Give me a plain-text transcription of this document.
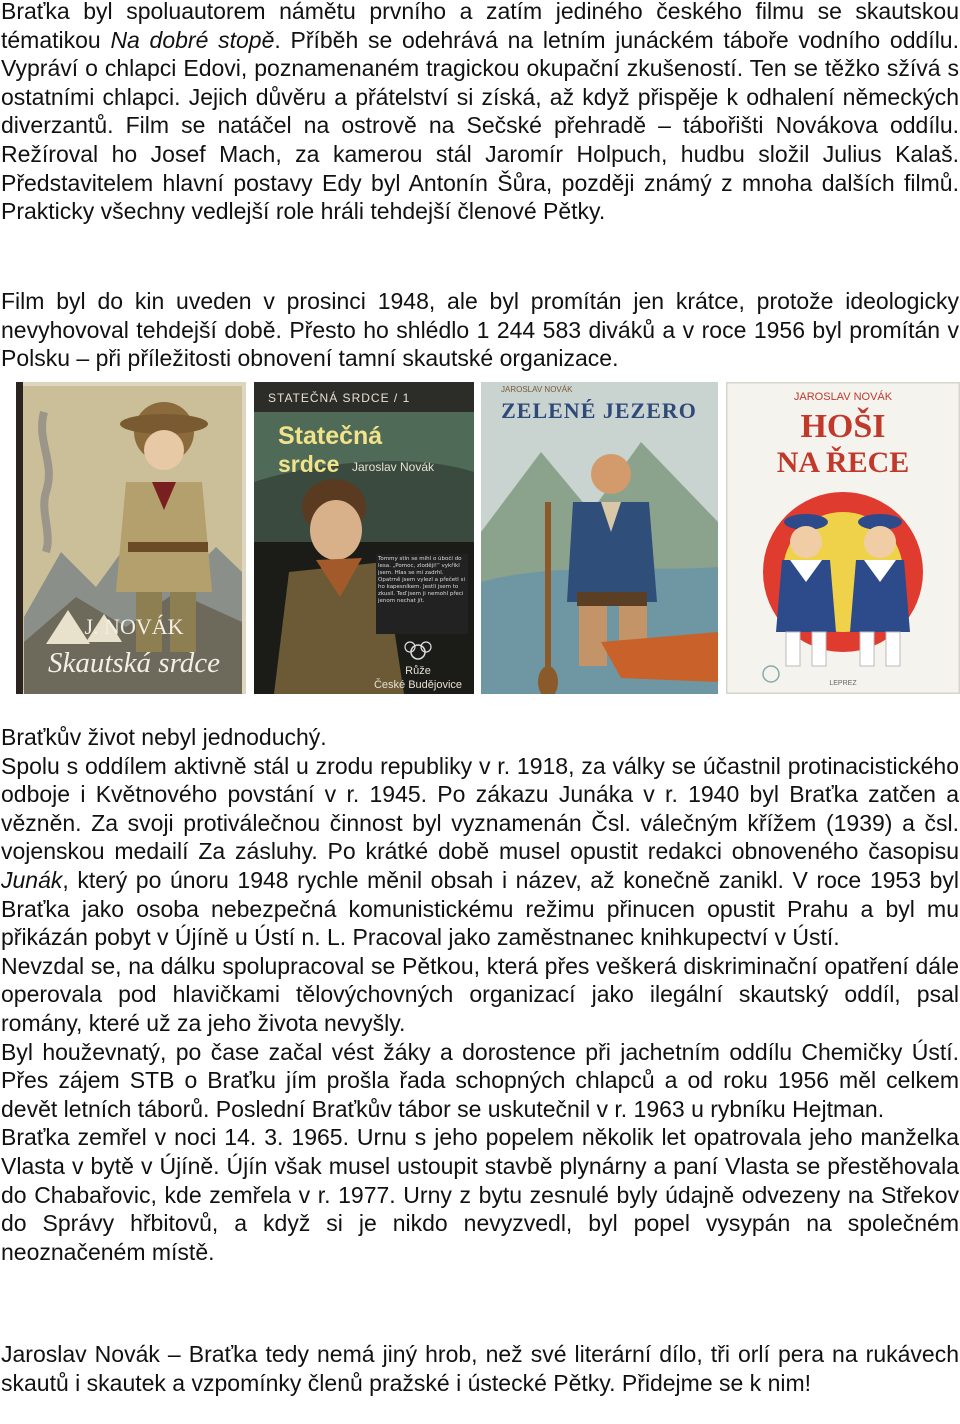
Braťka byl spoluautorem námětu prvního a zatím jediného českého filmu se skautskou tématikou Na dobré stopě. Příběh se odehrává na letním junáckém táboře vodního oddílu. Vypráví o chlapci Edovi, poznamenaném tragickou okupační zkušeností. Ten se těžko sžívá s ostatními chlapci. Jejich důvěru a přátelství si získá, až když přispěje k odhalení německých diverzantů. Film se natáčel na ostrově na Sečské přehradě – tábořišti Novákova oddílu. Režíroval ho Josef Mach, za kamerou stál Jaromír Holpuch, hudbu složil Julius Kalaš. Představitelem hlavní postavy Edy byl Antonín Šůra, později známý z mnoha dalších filmů. Prakticky všechny vedlejší role hráli tehdejší členové Pětky.

Film byl do kin uveden v prosinci 1948, ale byl promítán jen krátce, protože ideologicky nevyhovoval tehdejší době. Přesto ho shlédlo 1 244 583 diváků a v roce 1956 byl promítán v Polsku – při příležitosti obnovení tamní skautské organizace.

J. NOVÁK
Skautská srdce
STATEČNÁ SRDCE / 1
Statečná
srdce Jaroslav Novák
Tommy stín se mihl o úbočí do lesa. „Pomoc, zloději!“ vykřikl jsem. Hlas se mi zadrhl. Opatrně jsem vylezl a přečetl si ho kapesníkem. Jestli jsem to zkusil. Teď jsem ji nemohl přeci jenom nechat jít.
Růže
České Budějovice
JAROSLAV NOVÁK
ZELENÉ JEZERO
JAROSLAV NOVÁK
HOŠI
NA ŘECE
LEPREZ
Braťkův život nebyl jednoduchý.

Spolu s oddílem aktivně stál u zrodu republiky v r. 1918, za války se účastnil protinacistického odboje i Květnového povstání v r. 1945. Po zákazu Junáka v r. 1940 byl Braťka zatčen a vězněn. Za svoji protiválečnou činnost byl vyznamenán Čsl. válečným křížem (1939) a čsl. vojenskou medailí Za zásluhy. Po krátké době musel opustit redakci obnoveného časopisu Junák, který po únoru 1948 rychle měnil obsah i název, až konečně zanikl. V roce 1953 byl Braťka jako osoba nebezpečná komunistickému režimu přinucen opustit Prahu a byl mu přikázán pobyt v Újíně u Ústí n. L. Pracoval jako zaměstnanec knihkupectví v Ústí.

Nevzdal se, na dálku spolupracoval se Pětkou, která přes veškerá diskriminační opatření dále operovala pod hlavičkami tělovýchovných organizací jako ilegální skautský oddíl, psal romány, které už za jeho života nevyšly.

Byl houževnatý, po čase začal vést žáky a dorostence při jachetním oddílu Chemičky Ústí. Přes zájem STB o Braťku jím prošla řada schopných chlapců a od roku 1956 měl celkem devět letních táborů. Poslední Braťkův tábor se uskutečnil v r. 1963 u rybníku Hejtman.

Braťka zemřel v noci 14. 3. 1965. Urnu s jeho popelem několik let opatrovala jeho manželka Vlasta v bytě v Újíně. Újín však musel ustoupit stavbě plynárny a paní Vlasta se přestěhovala do Chabařovic, kde zemřela v r. 1977. Urny z bytu zesnulé byly údajně odvezeny na Střekov do Správy hřbitovů, a když si je nikdo nevyzvedl, byl popel vysypán na společném neoznačeném místě.

Jaroslav Novák – Braťka tedy nemá jiný hrob, než své literární dílo, tři orlí pera na rukávech skautů i skautek a vzpomínky členů pražské i ústecké Pětky. Přidejme se k nim!
